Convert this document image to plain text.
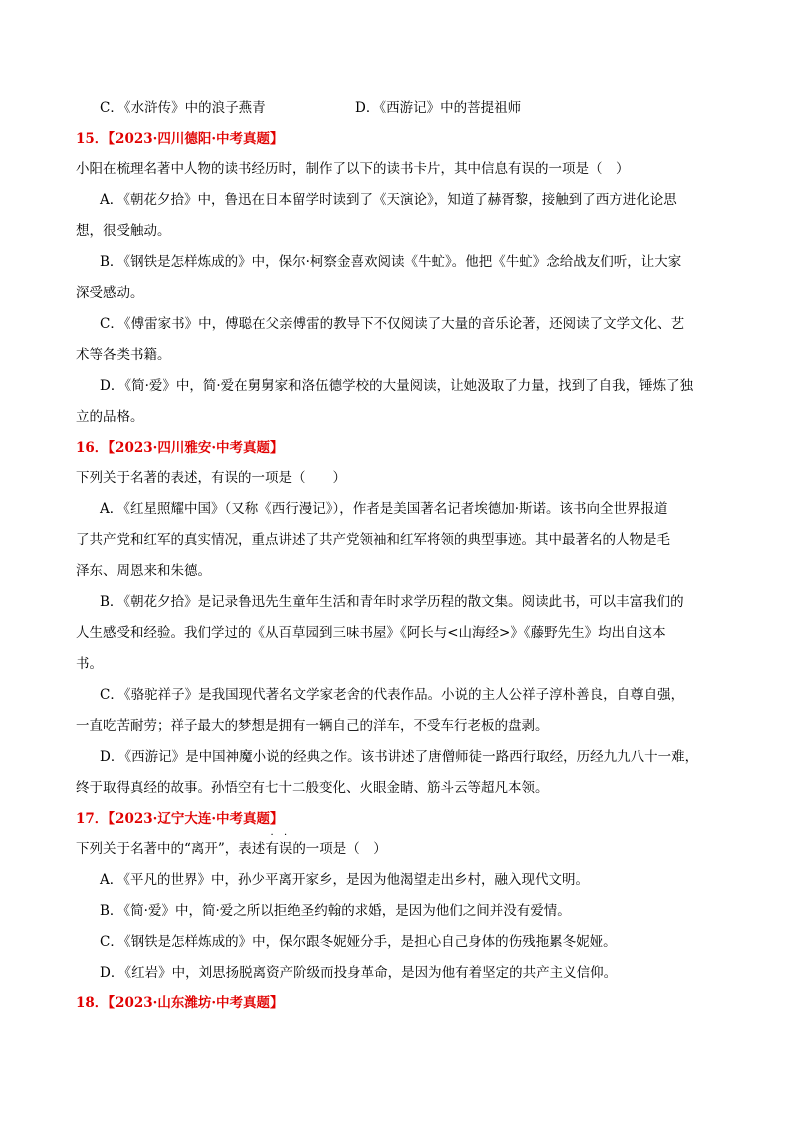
C．《水浒传》中的浪子燕青	D．《西游记》中的菩提祖师
15．【2023·四川德阳·中考真题】
小阳在梳理名著中人物的读书经历时，制作了以下的读书卡片，其中信息有误的一项是（　）
A．《朝花夕拾》中，鲁迅在日本留学时读到了《天演论》，知道了赫胥黎，接触到了西方进化论思
想，很受触动。
B．《钢铁是怎样炼成的》中，保尔·柯察金喜欢阅读《牛虻》。他把《牛虻》念给战友们听，让大家
深受感动。
C．《傅雷家书》中，傅聪在父亲傅雷的教导下不仅阅读了大量的音乐论著，还阅读了文学文化、艺
术等各类书籍。
D．《简·爱》中，简·爱在舅舅家和洛伍德学校的大量阅读，让她汲取了力量，找到了自我，锤炼了独
立的品格。
16．【2023·四川雅安·中考真题】
下列关于名著的表述，有误的一项是（　　）
A．《红星照耀中国》（又称《西行漫记》），作者是美国著名记者埃德加·斯诺。该书向全世界报道
了共产党和红军的真实情况，重点讲述了共产党领袖和红军将领的典型事迹。其中最著名的人物是毛
泽东、周恩来和朱德。
B．《朝花夕拾》是记录鲁迅先生童年生活和青年时求学历程的散文集。阅读此书，可以丰富我们的
人生感受和经验。我们学过的《从百草园到三味书屋》《阿长与<山海经>》《藤野先生》均出自这本
书。
C．《骆驼祥子》是我国现代著名文学家老舍的代表作品。小说的主人公祥子淳朴善良，自尊自强，
一直吃苦耐劳；祥子最大的梦想是拥有一辆自己的洋车，不受车行老板的盘剥。
D．《西游记》是中国神魔小说的经典之作。该书讲述了唐僧师徒一路西行取经，历经九九八十一难，
终于取得真经的故事。孙悟空有七十二般变化、火眼金睛、筋斗云等超凡本领。
17．【2023·辽宁大连·中考真题】
下列关于名著中的“离开”，表述
·
有
·
误的一项是（　）
A．《平凡的世界》中，孙少平离开家乡，是因为他渴望走出乡村，融入现代文明。
B．《简·爱》中，简·爱之所以拒绝圣约翰的求婚，是因为他们之间并没有爱情。
C．《钢铁是怎样炼成的》中，保尔跟冬妮娅分手，是担心自己身体的伤残拖累冬妮娅。
D．《红岩》中，刘思扬脱离资产阶级而投身革命，是因为他有着坚定的共产主义信仰。
18．【2023·山东潍坊·中考真题】
